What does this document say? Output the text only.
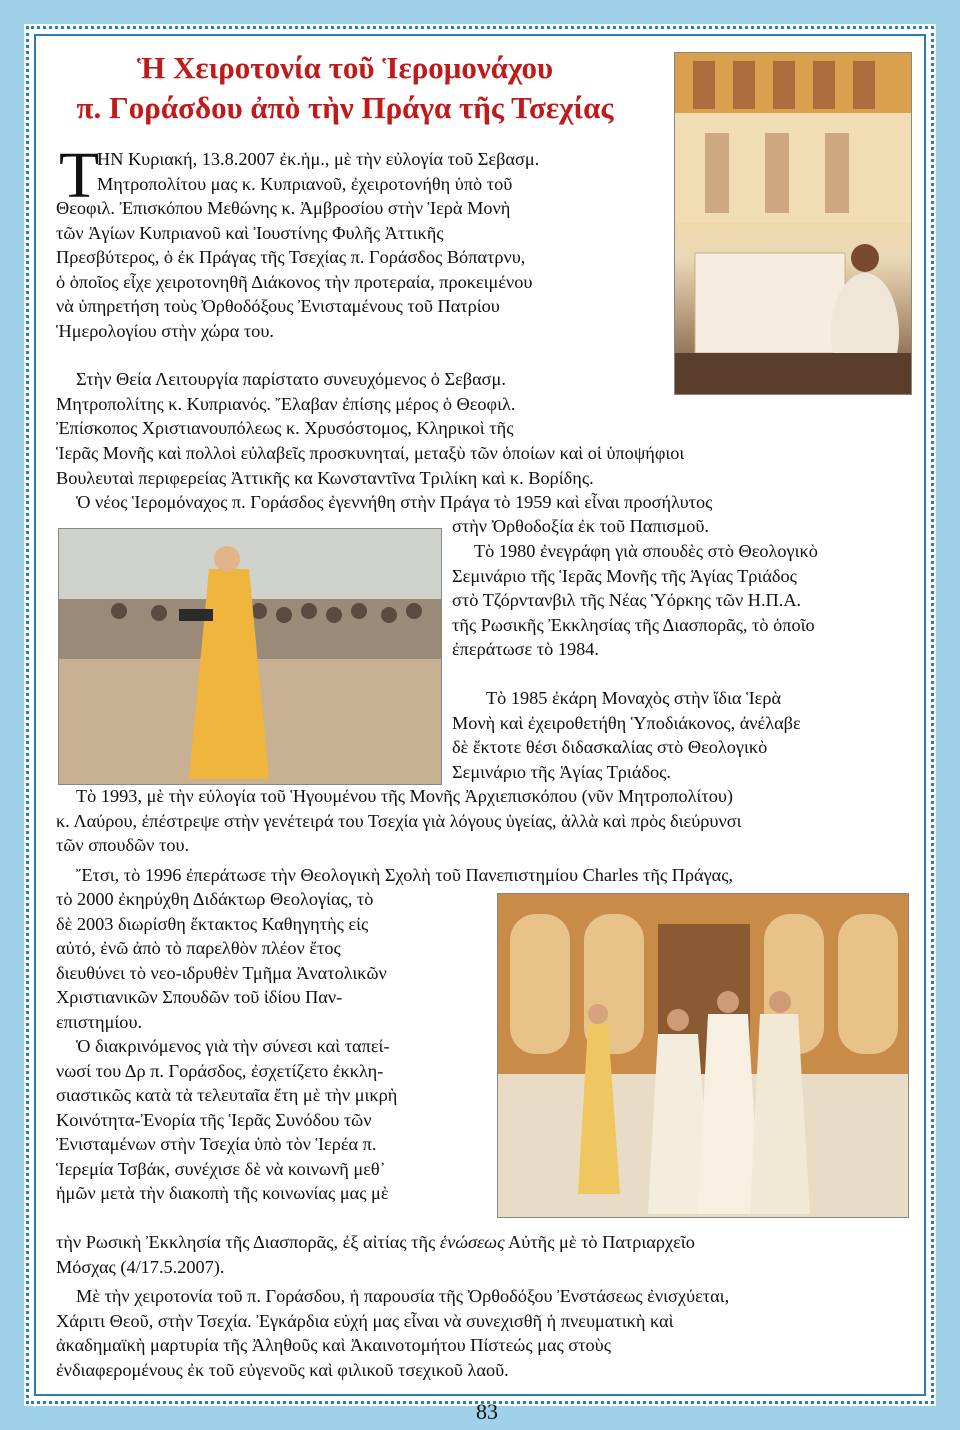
Ἡ Χειροτονία τοῦ Ἱερομονάχου
π. Γοράσδου ἀπὸ τὴν Πράγα τῆς Τσεχίας
Τ
ΗΝ Κυριακή, 13.8.2007 ἐκ.ἡμ., μὲ τὴν εὐλογία τοῦ Σεβασμ.
Μητροπολίτου μας κ. Κυπριανοῦ, ἐχειροτονήθη ὑπὸ τοῦ
Θεοφιλ. Ἐπισκόπου Μεθώνης κ. Ἀμβροσίου στὴν Ἱερὰ Μονὴ
τῶν Ἁγίων Κυπριανοῦ καὶ Ἰουστίνης Φυλῆς Ἀττικῆς
Πρεσβύτερος, ὁ ἐκ Πράγας τῆς Τσεχίας π. Γοράσδος Βόπατρνυ,
ὁ ὁποῖος εἶχε χειροτονηθῆ Διάκονος τὴν προτεραία, προκειμένου
νὰ ὑπηρετήση τοὺς Ὀρθοδόξους Ἐνισταμένους τοῦ Πατρίου
Ἡμερολογίου στὴν χώρα του.
Στὴν Θεία Λειτουργία παρίστατο συνευχόμενος ὁ Σεβασμ.
Μητροπολίτης κ. Κυπριανός. Ἔλαβαν ἐπίσης μέρος ὁ Θεοφιλ.
Ἐπίσκοπος Χριστιανουπόλεως κ. Χρυσόστομος, Κληρικοὶ τῆς
Ἱερᾶς Μονῆς καὶ πολλοὶ εὐλαβεῖς προσκυνηταί, μεταξὺ τῶν ὁποίων καὶ οἱ ὑποψήφιοι
Βουλευταὶ περιφερείας Ἀττικῆς κα Κωνσταντῖνα Τριλίκη καὶ κ. Βορίδης.
Ὁ νέος Ἱερομόναχος π. Γοράσδος ἐγεννήθη στὴν Πράγα τὸ 1959 καὶ εἶναι προσήλυτος
στὴν Ὀρθοδοξία ἐκ τοῦ Παπισμοῦ.
Τὸ 1980 ἐνεγράφη γιὰ σπουδὲς στὸ Θεολογικὸ
Σεμινάριο τῆς Ἱερᾶς Μονῆς τῆς Ἁγίας Τριάδος
στὸ Τζόρντανβιλ τῆς Νέας Ὑόρκης τῶν Η.Π.Α.
τῆς Ρωσικῆς Ἐκκλησίας τῆς Διασπορᾶς, τὸ ὁποῖο
ἐπεράτωσε τὸ 1984.
Τὸ 1985 ἐκάρη Μοναχὸς στὴν ἴδια Ἱερὰ
Μονὴ καὶ ἐχειροθετήθη Ὑποδιάκονος, ἀνέλαβε
δὲ ἔκτοτε θέσι διδασκαλίας στὸ Θεολογικὸ
Σεμινάριο τῆς Ἁγίας Τριάδος.
Τὸ 1993, μὲ τὴν εὐλογία τοῦ Ἡγουμένου τῆς Μονῆς Ἀρχιεπισκόπου (νῦν Μητροπολίτου)
κ. Λαύρου, ἐπέστρεψε στὴν γενέτειρά του Τσεχία γιὰ λόγους ὑγείας, ἀλλὰ καὶ πρὸς διεύρυνσι
τῶν σπουδῶν του.
Ἔτσι, τὸ 1996 ἐπεράτωσε τὴν Θεολογικὴ Σχολὴ τοῦ Πανεπιστημίου Charles τῆς Πράγας,
τὸ 2000 ἐκηρύχθη Διδάκτωρ Θεολογίας, τὸ
δὲ 2003 διωρίσθη ἔκτακτος Καθηγητὴς εἰς
αὐτό, ἐνῶ ἀπὸ τὸ παρελθὸν πλέον ἔτος
διευθύνει τὸ νεο-ιδρυθὲν Τμῆμα Ἀνατολικῶν
Χριστιανικῶν Σπουδῶν τοῦ ἰδίου Παν-
επιστημίου.
Ὁ διακρινόμενος γιὰ τὴν σύνεσι καὶ ταπεί-
νωσί του Δρ π. Γοράσδος, ἐσχετίζετο ἐκκλη-
σιαστικῶς κατὰ τὰ τελευταῖα ἔτη μὲ τὴν μικρὴ
Κοινότητα-Ἐνορία τῆς Ἱερᾶς Συνόδου τῶν
Ἐνισταμένων στὴν Τσεχία ὑπὸ τὸν Ἱερέα π.
Ἱερεμία Τσβάκ, συνέχισε δὲ νὰ κοινωνῆ μεθ᾽
ἡμῶν μετὰ τὴν διακοπὴ τῆς κοινωνίας μας μὲ
τὴν Ρωσικὴ Ἐκκλησία τῆς Διασπορᾶς, ἐξ αἰτίας τῆς ἑνώσεως Αὐτῆς μὲ τὸ Πατριαρχεῖο
Μόσχας (4/17.5.2007).
Μὲ τὴν χειροτονία τοῦ π. Γοράσδου, ἡ παρουσία τῆς Ὀρθοδόξου Ἐνστάσεως ἐνισχύεται,
Χάριτι Θεοῦ, στὴν Τσεχία. Ἐγκάρδια εὐχή μας εἶναι νὰ συνεχισθῆ ἡ πνευματικὴ καὶ
ἀκαδημαϊκὴ μαρτυρία τῆς Ἀληθοῦς καὶ Ἀκαινοτομήτου Πίστεώς μας στοὺς
ἐνδιαφερομένους ἐκ τοῦ εὐγενοῦς καὶ φιλικοῦ τσεχικοῦ λαοῦ.
83
